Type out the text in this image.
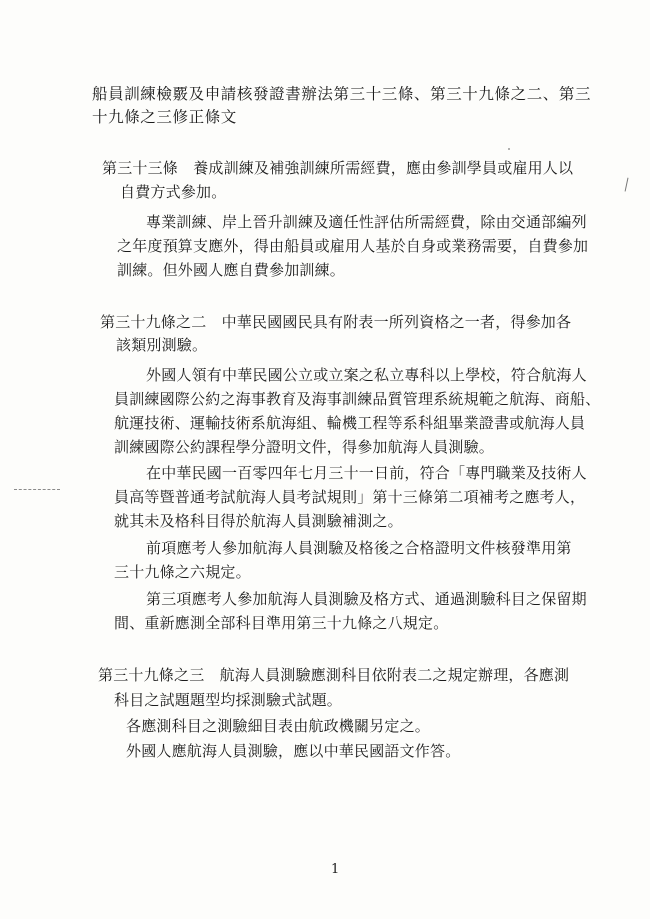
船員訓練檢覈及申請核發證書辦法第三十三條、第三十九條之二、第三
十九條之三修正條文
第三十三條　養成訓練及補強訓練所需經費，應由參訓學員或雇用人以
自費方式參加。
專業訓練、岸上晉升訓練及適任性評估所需經費，除由交通部編列
之年度預算支應外，得由船員或雇用人基於自身或業務需要，自費參加
訓練。但外國人應自費參加訓練。
第三十九條之二　中華民國國民具有附表一所列資格之一者，得參加各
該類別測驗。
外國人領有中華民國公立或立案之私立專科以上學校，符合航海人
員訓練國際公約之海事教育及海事訓練品質管理系統規範之航海、商船、
航運技術、運輸技術系航海組、輪機工程等系科組畢業證書或航海人員
訓練國際公約課程學分證明文件，得參加航海人員測驗。
在中華民國一百零四年七月三十一日前，符合「專門職業及技術人
員高等暨普通考試航海人員考試規則」第十三條第二項補考之應考人，
就其未及格科目得於航海人員測驗補測之。
前項應考人參加航海人員測驗及格後之合格證明文件核發準用第
三十九條之六規定。
第三項應考人參加航海人員測驗及格方式、通過測驗科目之保留期
間、重新應測全部科目準用第三十九條之八規定。
第三十九條之三　航海人員測驗應測科目依附表二之規定辦理，各應測
科目之試題題型均採測驗式試題。
各應測科目之測驗細目表由航政機關另定之。
外國人應航海人員測驗，應以中華民國語文作答。
1
